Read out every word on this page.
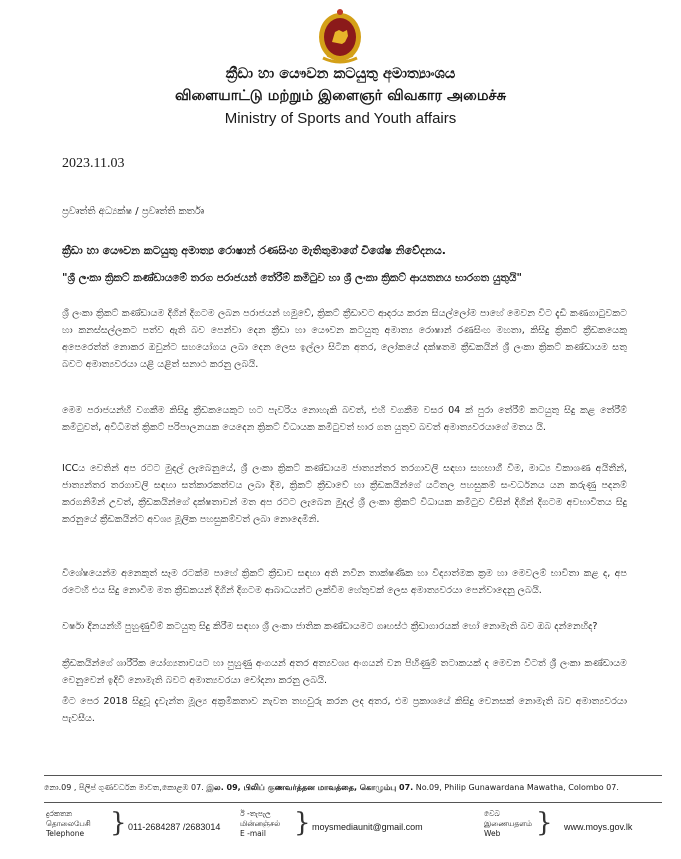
ක්‍රීඩා හා යෞවන කටයුතු අමාත්‍යාංශය
விளையாட்டு மற்றும் இளைஞர் விவகார அமைச்சு
Ministry of Sports and Youth affairs
2023.11.03
ප්‍රවෘත්ති අධ්‍යක්ෂ / ප්‍රවෘත්ති කර්තෘ
ක්‍රීඩා හා යෞවන කටයුතු අමාත්‍ය රොෂාන් රණසිංහ මැතිතුමාගේ විශේෂ නිවේදනය.
"ශ්‍රී ලංකා ක්‍රිකට් කණ්ඩායමේ තරග පරාජයන් තේරීම් කමිටුව හා ශ්‍රී ලංකා ක්‍රිකට් ආයතනය භාරගත යුතුයි"
ශ්‍රී ලංකා ක්‍රිකට් කණ්ඩායම දිගින් දිගටම ලබන පරාජයන් හමුවේ, ක්‍රිකට් ක්‍රීඩාවට ආදරය කරන සියල්ලෝම පාහේ මෙවන විට දැඩි කණගාටුවකට හා කනස්සල්ලකට පත්ව ඇති බව පෙන්වා දෙන ක්‍රීඩා හා යෞවන කටයුතු අමාත්‍ය රොෂාන් රණසිංහ මහතා, කිසිදු ක්‍රිකට් ක්‍රීඩකයෙකු අපෙරෙත්ත් නොකර ඔවුන්ට සහයෝගය ලබා දෙන ලෙස ඉල්ලා සිටින අතර, ලෝකයේ දක්ෂතම ක්‍රීඩකයින් ශ්‍රී ලංකා ක්‍රිකට් කණ්ඩායම සතු බවට අමාත්‍යවරයා යළි යළිත් සනාථ කරනු ලබයි.
මෙම පරාජයන්හි වගකීම කිසිදු ක්‍රීඩකයෙකුට හට පැවරිය නොහැකි බවත්, එහි වගකීම වසර 04 ක් පුරා තේරීම් කටයුතු සිදු කළ තේරීම් කමිටුවත්, අවිධිමත් ක්‍රිකට් පරිපාලනයක යෙදෙන ක්‍රිකට් විධායක කමිටුවත් භාර ගත යුතුව බවත් අමාත්‍යවරයාගේ මතය යි.
ICCය වෙතින් අප රටට මුදල් ලැබෙනුයේ, ශ්‍රී ලංකා ක්‍රිකට් කණ්ඩායම ජාත්‍යන්තර තරගාවලි සඳහා සහභාගී වීම, මාධ්‍ය විකාශණ අයිතීන්, ජාත්‍යන්තර තරගාවලි සඳහා සත්කාරකත්වය ලබා දීම, ක්‍රිකට් ක්‍රීඩාවේ හා ක්‍රීඩකයින්ගේ යටිතල පහසුකම් සංවර්ධනය යන කරුණු පදනම් කරගනිමින් උවත්, ක්‍රීඩකයින්ගේ දක්ෂතාවන් මත අප රටට ලැබෙන මුදල් ශ්‍රී ලංකා ක්‍රිකට් විධායක කමිටුව විසින් දිගින් දිගටම අවභාවිතය සිදු කරනුයේ ක්‍රීඩකයින්ට අවශ්‍ය මූලික පහසුකම්වත් ලබා නොදෙමිනි.
විශේෂයෙන්ම අනෙකුත් සෑම රටක්ම පාහේ ක්‍රිකට් ක්‍රීඩාව සඳහා අති නවීන තාක්ෂණික හා විද්‍යාත්මක ක්‍රම හා මෙවලම් භාවිතා කළ ද, අප රටෙහි එය සිදු නොවීම මත ක්‍රීඩකයන් දිගින් දිගටම ආබාධයන්ට ලක්වීම හේතුවක් ලෙස අමාත්‍යවරයා පෙන්වාදෙනු ලබයි.
වර්ෂා දිනයන්හි පුහුණුවීම් කටයුතු සිදු කිරීම සඳහා ශ්‍රී ලංකා ජාතික කණ්ඩායමට ගෘහස්ථ ක්‍රීඩාගාරයක් හෝ නොමැති බව ඔබ දන්නෙහිද?
ක්‍රීඩකයින්ගේ ශාරීරික යෝග්‍යතාවයට හා පුහුණු අංගයන් අතර අත්‍යවශ්‍ය අංගයන් වන පිහිණුම් තටාකයක් ද මෙවන විටත් ශ්‍රී ලංකා කණ්ඩායම වෙනුවෙන් ඉදිවී නොමැති බවට අමාත්‍යවරයා චෝදනා කරනු ලබයි.
මීට පෙර 2018 සිදුවූ දැවැන්ත මූල්‍ය අක්‍රමිකතාව නැවත තහවුරු කරන ලද අතර, එම ප්‍රකාශයේ කිසිදු වෙනසක් නොමැති බව අමාත්‍යවරයා පැවසීය.
නො.09 , පිලිප් ගුණවර්ධන මාවත,කොළඹ 07. இல. 09, பிலிப் குணவர்த்தன மாவத்தை, கொழும்பு 07. No.09, Philip Gunawardana Mawatha, Colombo 07.
දුරකතන
தொலைபேசி
Telephone } 011-2684287 /2683014
ඊ -තැපැල
மின்னஞ்சல்
E -mail	} moysmediaunit@gmail.com
වෙබ
இணையதளம்
Web	} www.moys.gov.lk
